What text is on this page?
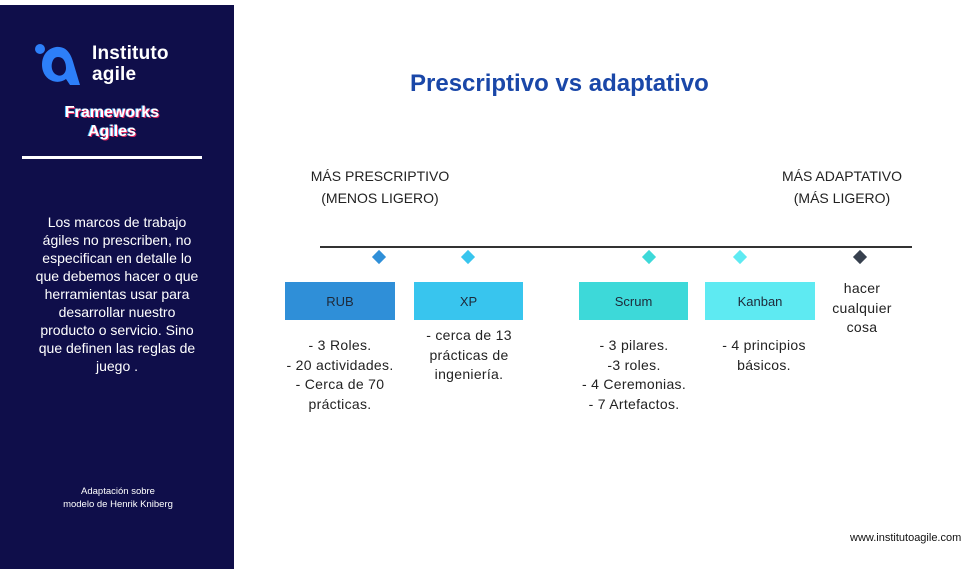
Instituto
agile
Frameworks
Agiles
Los marcos de trabajo
ágiles no prescriben, no
especifican en detalle lo
que debemos hacer o que
herramientas usar para
desarrollar nuestro
producto o servicio. Sino
que definen las reglas de
juego .
Adaptación sobre
modelo de Henrik Kniberg
Prescriptivo vs adaptativo
MÁS PRESCRIPTIVO
(MENOS LIGERO)
MÁS ADAPTATIVO
(MÁS LIGERO)
RUB
- 3 Roles.
- 20 actividades.
- Cerca de 70
prácticas.
XP
- cerca de 13
prácticas de
ingeniería.
Scrum
- 3 pilares.
-3 roles.
- 4 Ceremonias.
- 7 Artefactos.
Kanban
- 4 principios
básicos.
hacer
cualquier
cosa
www.institutoagile.com
